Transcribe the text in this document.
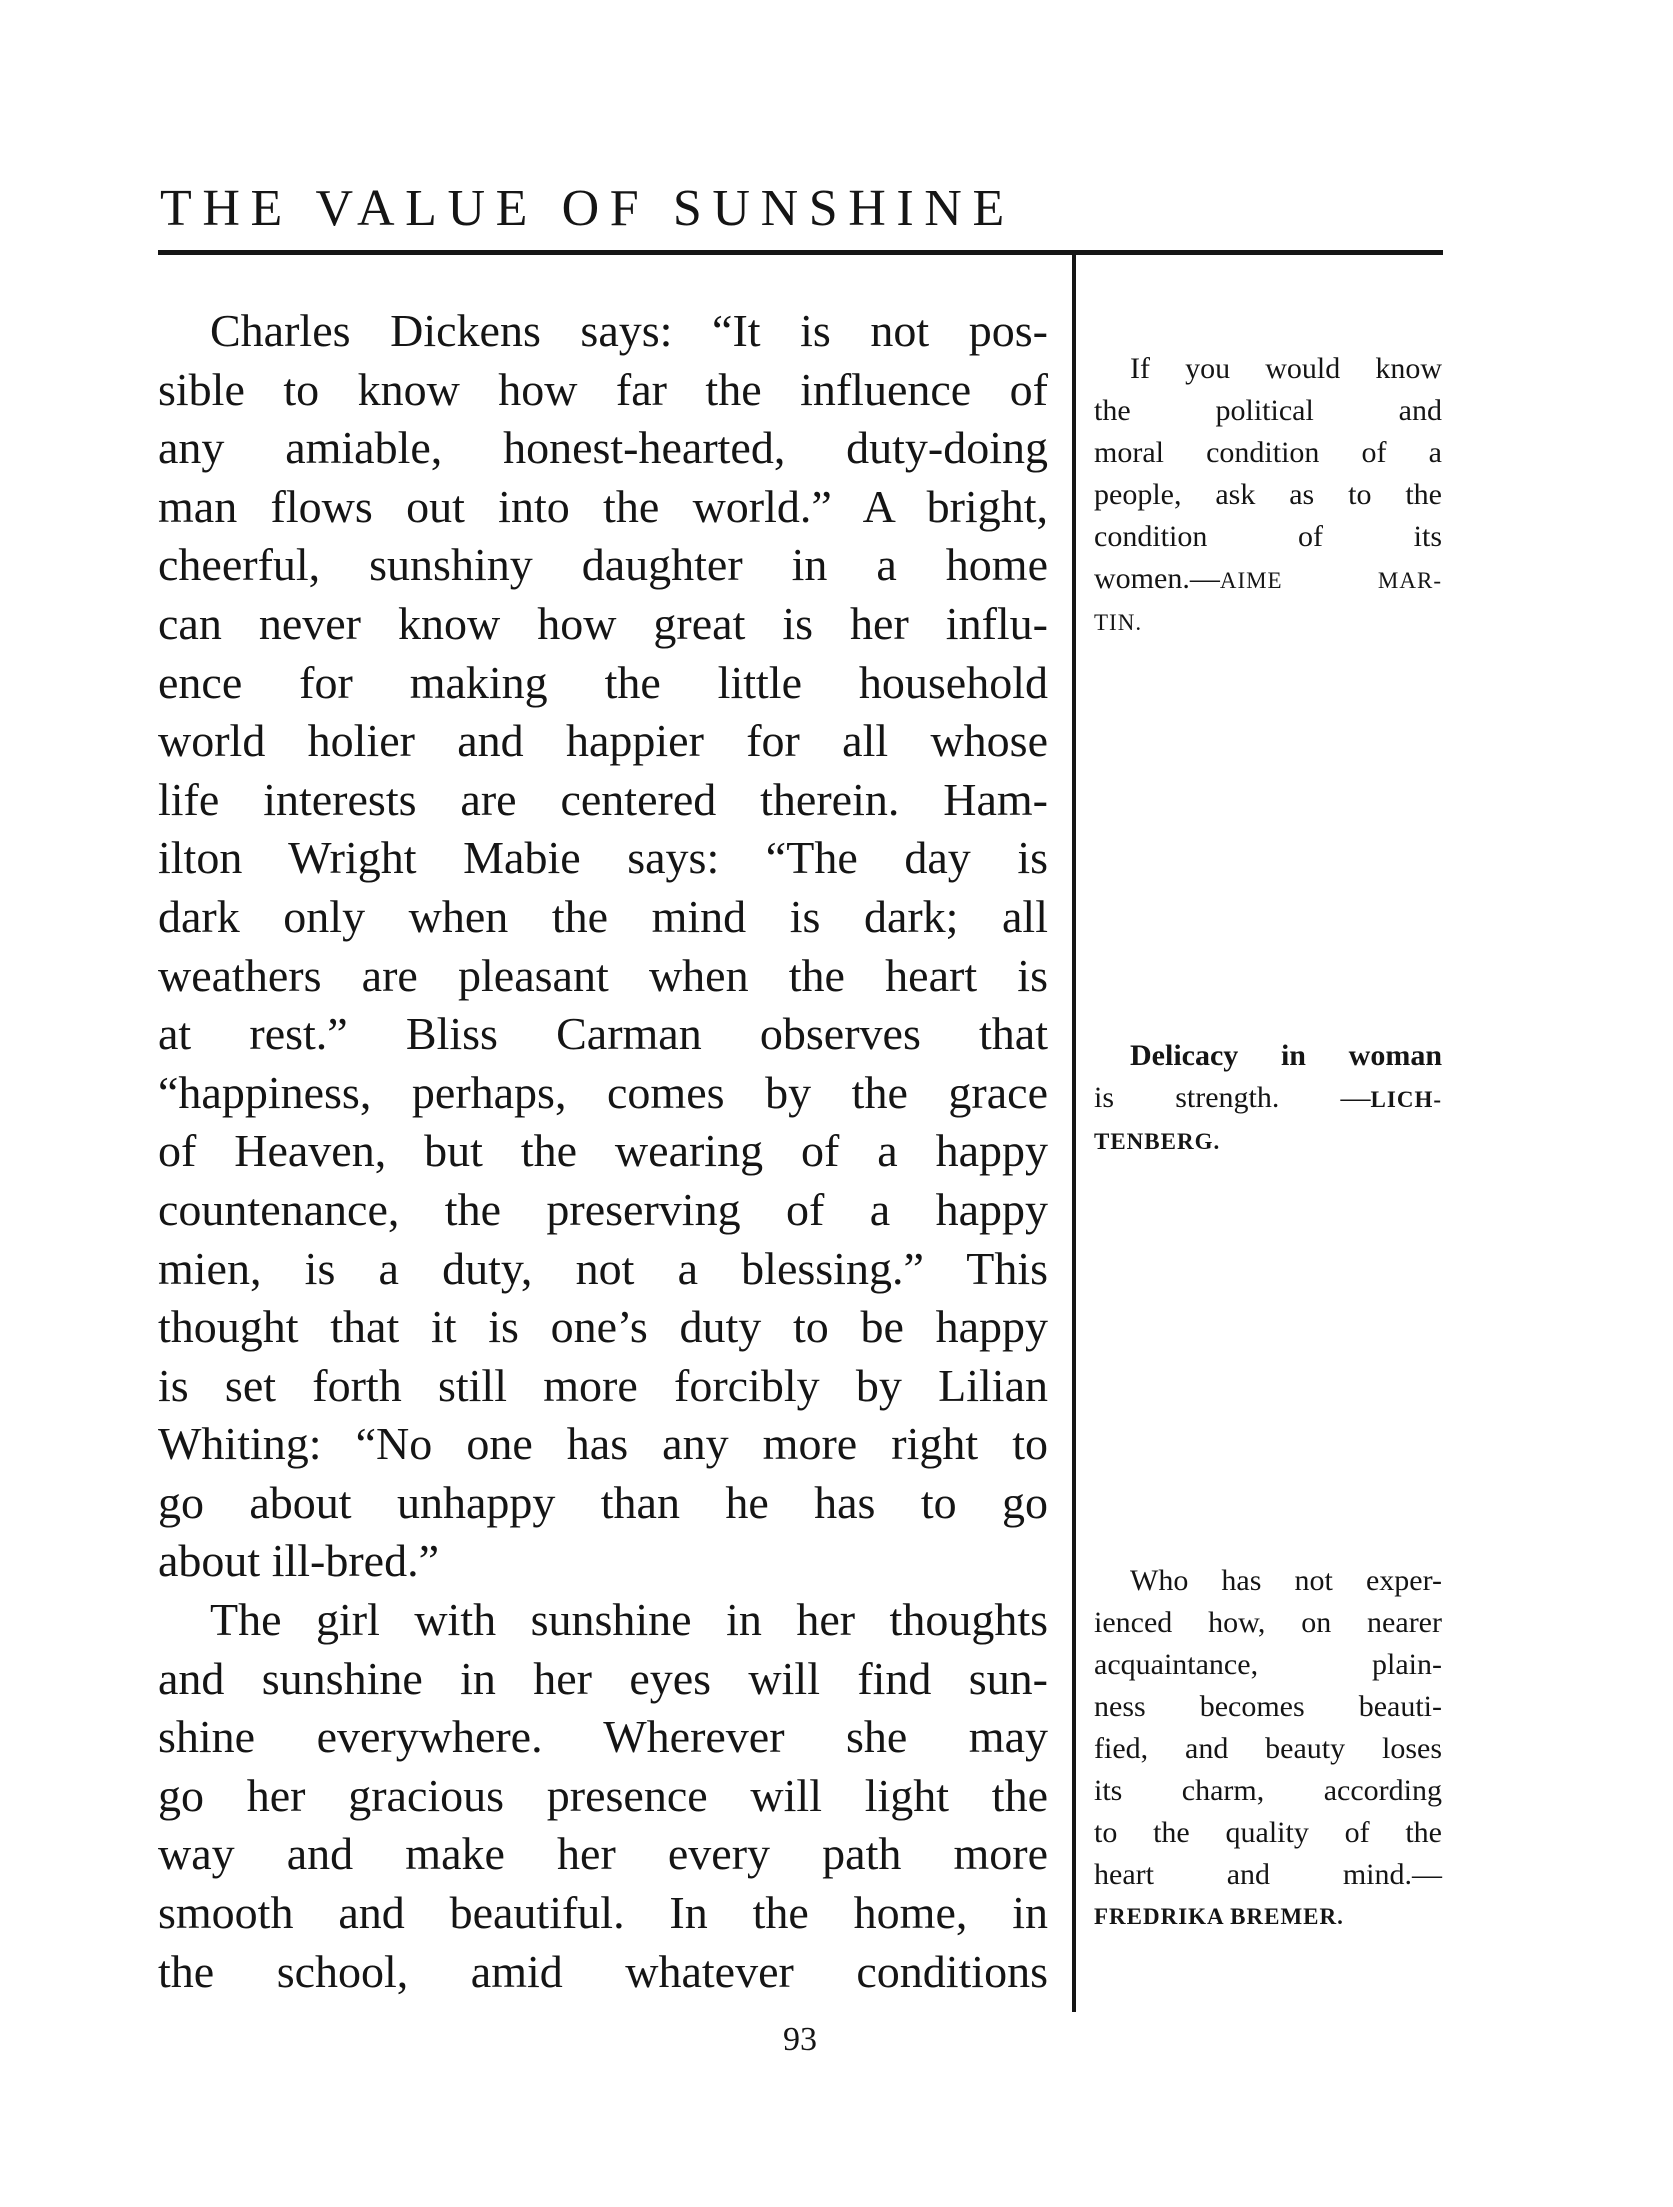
THE VALUE OF SUNSHINE

Charles Dickens says: “It is not pos-
sible to know how far the influence of
any amiable, honest-hearted, duty-doing
man flows out into the world.” A bright,
cheerful, sunshiny daughter in a home
can never know how great is her influ-
ence for making the little household
world holier and happier for all whose
life interests are centered therein. Ham-
ilton Wright Mabie says: “The day is
dark only when the mind is dark; all
weathers are pleasant when the heart is
at rest.” Bliss Carman observes that
“happiness, perhaps, comes by the grace
of Heaven, but the wearing of a happy
countenance, the preserving of a happy
mien, is a duty, not a blessing.” This
thought that it is one’s duty to be happy
is set forth still more forcibly by Lilian
Whiting: “No one has any more right to
go about unhappy than he has to go
about ill-bred.”

The girl with sunshine in her thoughts
and sunshine in her eyes will find sun-
shine everywhere. Wherever she may
go her gracious presence will light the
way and make her every path more
smooth and beautiful. In the home, in
the school, amid whatever conditions

If you would know
the political and
moral condition of a
people, ask as to the
condition of its
women.—AIME MAR-
TIN.
Delicacy in woman
is strength. —LICH-
TENBERG.
Who has not exper-
ienced how, on nearer
acquaintance, plain-
ness becomes beauti-
fied, and beauty loses
its charm, according
to the quality of the
heart and mind.—
FREDRIKA BREMER.
93
